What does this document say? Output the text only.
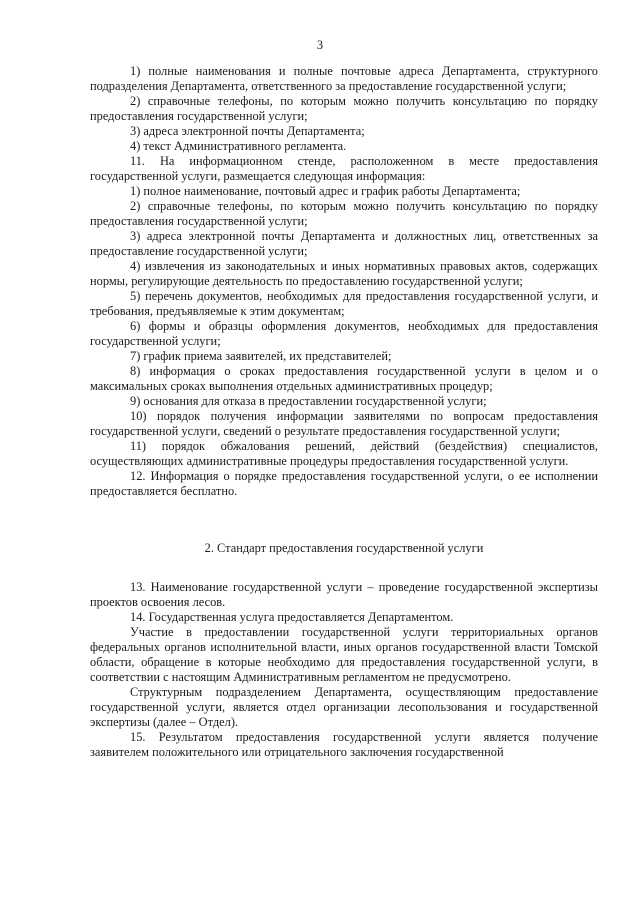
3

1) полные наименования и полные почтовые адреса Департамента, структурного подразделения Департамента, ответственного за предоставление государственной услуги;

2) справочные телефоны, по которым можно получить консультацию по порядку предоставления государственной услуги;

3) адреса электронной почты Департамента;

4) текст Административного регламента.

11. На информационном стенде, расположенном в месте предоставления государственной услуги, размещается следующая информация:

1) полное наименование, почтовый адрес и график работы Департамента;

2) справочные телефоны, по которым можно получить консультацию по порядку предоставления государственной услуги;

3) адреса электронной почты Департамента и должностных лиц, ответственных за предоставление государственной услуги;

4) извлечения из законодательных и иных нормативных правовых актов, содержащих нормы, регулирующие деятельность по предоставлению государственной услуги;

5) перечень документов, необходимых для предоставления государственной услуги, и требования, предъявляемые к этим документам;

6) формы и образцы оформления документов, необходимых для предоставления государственной услуги;

7) график приема заявителей, их представителей;

8) информация о сроках предоставления государственной услуги в целом и о максимальных сроках выполнения отдельных административных процедур;

9) основания для отказа в предоставлении государственной услуги;

10) порядок получения информации заявителями по вопросам предоставления государственной услуги, сведений о результате предоставления государственной услуги;

11) порядок обжалования решений, действий (бездействия) специалистов, осуществляющих административные процедуры предоставления государственной услуги.

12. Информация о порядке предоставления государственной услуги, о ее исполнении предоставляется бесплатно.

2. Стандарт предоставления государственной услуги

13. Наименование государственной услуги – проведение государственной экспертизы проектов освоения лесов.

14. Государственная услуга предоставляется Департаментом.

Участие в предоставлении государственной услуги территориальных органов федеральных органов исполнительной власти, иных органов государственной власти Томской области, обращение в которые необходимо для предоставления государственной услуги, в соответствии с настоящим Административным регламентом не предусмотрено.

Структурным подразделением Департамента, осуществляющим предоставление государственной услуги, является отдел организации лесопользования и государственной экспертизы (далее – Отдел).

15. Результатом предоставления государственной услуги является получение заявителем положительного или отрицательного заключения государственной
